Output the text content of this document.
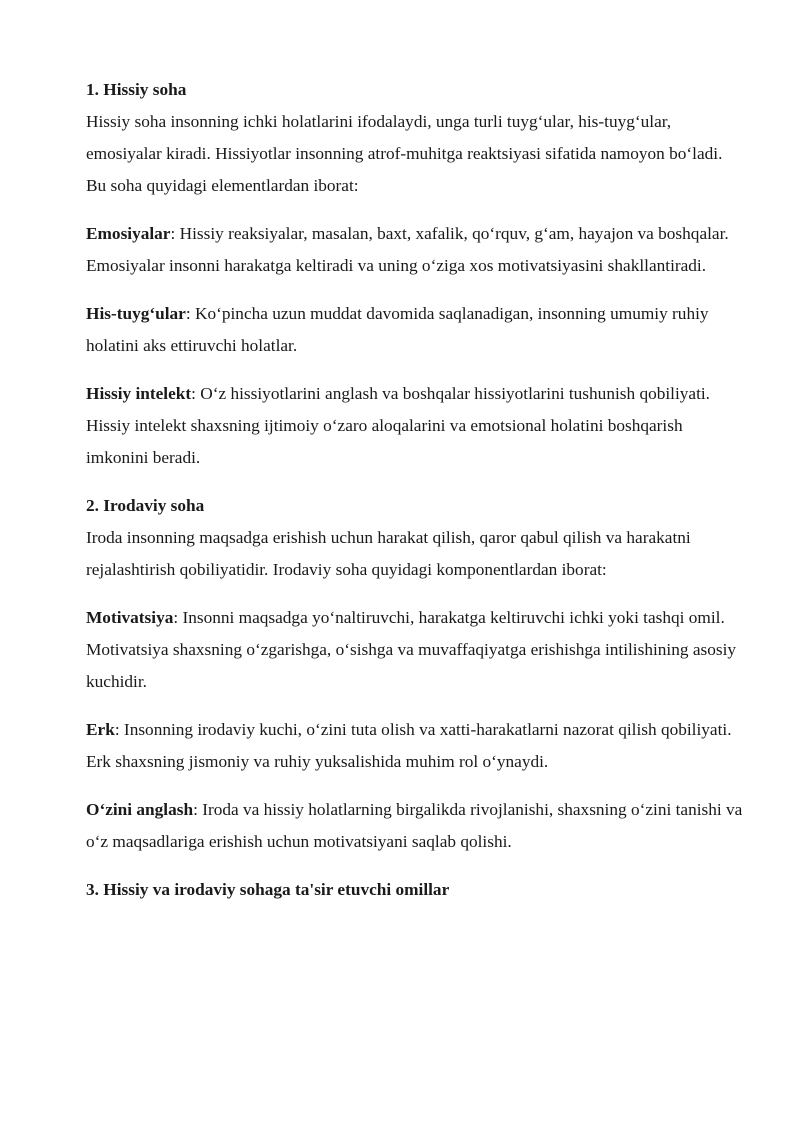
1. Hissiy soha

Hissiy soha insonning ichki holatlarini ifodalaydi, unga turli tuyg‘ular, his-tuyg‘ular, emosiyalar kiradi. Hissiyotlar insonning atrof-muhitga reaktsiyasi sifatida namoyon bo‘ladi. Bu soha quyidagi elementlardan iborat:

Emosiyalar: Hissiy reaksiyalar, masalan, baxt, xafalik, qo‘rquv, g‘am, hayajon va boshqalar. Emosiyalar insonni harakatga keltiradi va uning o‘ziga xos motivatsiyasini shakllantiradi.

His-tuyg‘ular: Ko‘pincha uzun muddat davomida saqlanadigan, insonning umumiy ruhiy holatini aks ettiruvchi holatlar.

Hissiy intelekt: O‘z hissiyotlarini anglash va boshqalar hissiyotlarini tushunish qobiliyati. Hissiy intelekt shaxsning ijtimoiy o‘zaro aloqalarini va emotsional holatini boshqarish imkonini beradi.

2. Irodaviy soha

Iroda insonning maqsadga erishish uchun harakat qilish, qaror qabul qilish va harakatni rejalashtirish qobiliyatidir. Irodaviy soha quyidagi komponentlardan iborat:

Motivatsiya: Insonni maqsadga yo‘naltiruvchi, harakatga keltiruvchi ichki yoki tashqi omil. Motivatsiya shaxsning o‘zgarishga, o‘sishga va muvaffaqiyatga erishishga intilishining asosiy kuchidir.

Erk: Insonning irodaviy kuchi, o‘zini tuta olish va xatti-harakatlarni nazorat qilish qobiliyati. Erk shaxsning jismoniy va ruhiy yuksalishida muhim rol o‘ynaydi.

O‘zini anglash: Iroda va hissiy holatlarning birgalikda rivojlanishi, shaxsning o‘zini tanishi va o‘z maqsadlariga erishish uchun motivatsiyani saqlab qolishi.

3. Hissiy va irodaviy sohaga ta'sir etuvchi omillar
